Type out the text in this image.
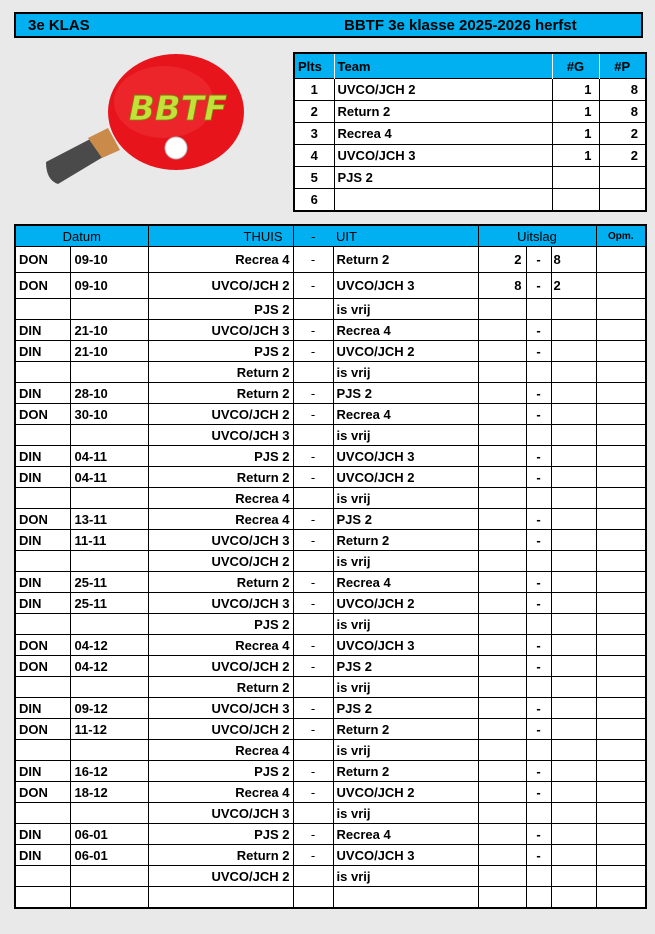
3e KLAS	BBTF 3e klasse 2025-2026 herfst
BBTF
Plts	Team	#G	#P
1	UVCO/JCH 2	1	8
2	Return 2	1	8
3	Recrea 4	1	2
4	UVCO/JCH 3	1	2
5	PJS 2		
6			
Datum		THUIS	-	UIT	Uitslag			Opm.
DON	09-10	Recrea 4	-	Return 2	2	-	8	
DON	09-10	UVCO/JCH 2	-	UVCO/JCH 3	8	-	2	
		PJS 2		is vrij				
DIN	21-10	UVCO/JCH 3	-	Recrea 4		-		
DIN	21-10	PJS 2	-	UVCO/JCH 2		-		
		Return 2		is vrij				
DIN	28-10	Return 2	-	PJS 2		-		
DON	30-10	UVCO/JCH 2	-	Recrea 4		-		
		UVCO/JCH 3		is vrij				
DIN	04-11	PJS 2	-	UVCO/JCH 3		-		
DIN	04-11	Return 2	-	UVCO/JCH 2		-		
		Recrea 4		is vrij				
DON	13-11	Recrea 4	-	PJS 2		-		
DIN	11-11	UVCO/JCH 3	-	Return 2		-		
		UVCO/JCH 2		is vrij				
DIN	25-11	Return 2	-	Recrea 4		-		
DIN	25-11	UVCO/JCH 3	-	UVCO/JCH 2		-		
		PJS 2		is vrij				
DON	04-12	Recrea 4	-	UVCO/JCH 3		-		
DON	04-12	UVCO/JCH 2	-	PJS 2		-		
		Return 2		is vrij				
DIN	09-12	UVCO/JCH 3	-	PJS 2		-		
DON	11-12	UVCO/JCH 2	-	Return 2		-		
		Recrea 4		is vrij				
DIN	16-12	PJS 2	-	Return 2		-		
DON	18-12	Recrea 4	-	UVCO/JCH 2		-		
		UVCO/JCH 3		is vrij				
DIN	06-01	PJS 2	-	Recrea 4		-		
DIN	06-01	Return 2	-	UVCO/JCH 3		-		
		UVCO/JCH 2		is vrij				
